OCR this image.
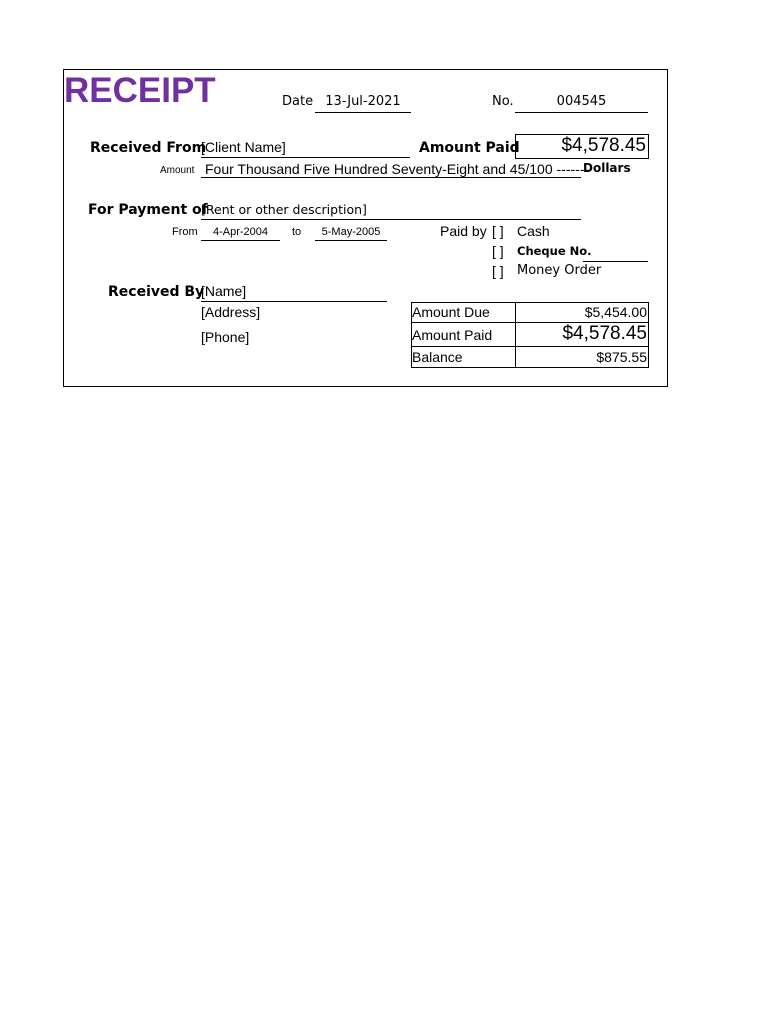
RECEIPT	Date 13-Jul-2021	No.	004545
Received From
[Client Name]	Amount Paid	$4,578.45
Amount Four Thousand Five Hundred Seventy-Eight and 45/100 -------
Dollars
For Payment of
[Rent or other description]
From	4-Apr-2004	to	5-May-2005	Paid by [ ] Cash
[ ] Cheque No.
[ ] Money Order
Received By
[Name]
[Address]
[Phone]
Amount Due	$5,454.00
Amount Paid	$4,578.45
Balance	$875.55
